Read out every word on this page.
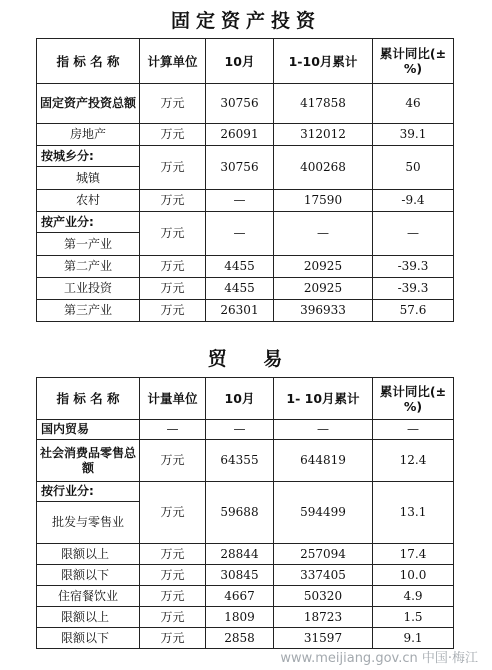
固定资产投资
指 标 名 称	计算单位	10月	1-10月累计	累计同比(±%)
固定资产投资总额	万元	30756	417858	46
房地产	万元	26091	312012	39.1
按城乡分:	万元	30756	400268	50
城镇				
农村	万元	—	17590	-9.4
按产业分:	万元	—	—	—
第一产业				
第二产业	万元	4455	20925	-39.3
工业投资	万元	4455	20925	-39.3
第三产业	万元	26301	396933	57.6
贸    易
指 标 名 称	计量单位	10月	1- 10月累计	累计同比(±%)
国内贸易	—	—	—	—
社会消费品零售总额	万元	64355	644819	12.4
按行业分:	万元	59688	594499	13.1
批发与零售业				
限额以上	万元	28844	257094	17.4
限额以下	万元	30845	337405	10.0
住宿餐饮业	万元	4667	50320	4.9
限额以上	万元	1809	18723	1.5
限额以下	万元	2858	31597	9.1
www.meijiang.gov.cn 中国·梅江
